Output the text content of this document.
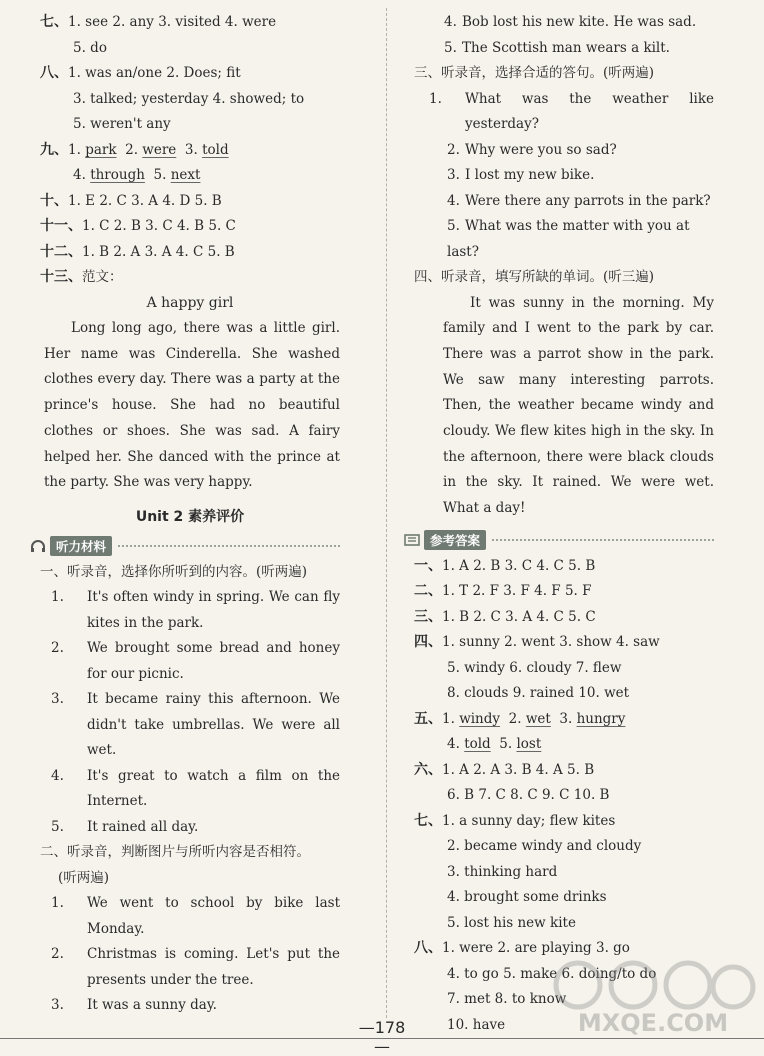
七、1. see 2. any 3. visited 4. were
5. do
八、1. was an/one 2. Does; fit
3. talked; yesterday 4. showed; to
5. weren't any
九、1. park 2. were 3. told
4. through 5. next
十、1. E 2. C 3. A 4. D 5. B
十一、1. C 2. B 3. C 4. B 5. C
十二、1. B 2. A 3. A 4. C 5. B
十三、范文：
A happy girl
Long long ago, there was a little girl. Her name was Cinderella. She washed clothes every day. There was a party at the prince's house. She had no beautiful clothes or shoes. She was sad. A fairy helped her. She danced with the prince at the party. She was very happy.
Unit 2 素养评价
听力材料
一、听录音，选择你所听到的内容。(听两遍)
1. It's often windy in spring. We can fly kites in the park.
2. We brought some bread and honey for our picnic.
3. It became rainy this afternoon. We didn't take umbrellas. We were all wet.
4. It's great to watch a film on the Internet.
5. It rained all day.
二、听录音，判断图片与所听内容是否相符。
(听两遍)
1. We went to school by bike last Monday.
2. Christmas is coming. Let's put the presents under the tree.
3. It was a sunny day.
4. Bob lost his new kite. He was sad.
5. The Scottish man wears a kilt.
三、听录音，选择合适的答句。(听两遍)
1. What was the weather like yesterday?
2. Why were you so sad?
3. I lost my new bike.
4. Were there any parrots in the park?
5. What was the matter with you at last?
四、听录音，填写所缺的单词。(听三遍)
It was sunny in the morning. My family and I went to the park by car. There was a parrot show in the park. We saw many interesting parrots. Then, the weather became windy and cloudy. We flew kites high in the sky. In the afternoon, there were black clouds in the sky. It rained. We were wet. What a day!
参考答案
一、1. A 2. B 3. C 4. C 5. B
二、1. T 2. F 3. F 4. F 5. F
三、1. B 2. C 3. A 4. C 5. C
四、1. sunny 2. went 3. show 4. saw
5. windy 6. cloudy 7. flew
8. clouds 9. rained 10. wet
五、1. windy 2. wet 3. hungry
4. told 5. lost
六、1. A 2. A 3. B 4. A 5. B
6. B 7. C 8. C 9. C 10. B
七、1. a sunny day; flew kites
2. became windy and cloudy
3. thinking hard
4. brought some drinks
5. lost his new kite
八、1. were 2. are playing 3. go
4. to go 5. make 6. doing/to do
7. met 8. to know
10. have
—178—
MXQE.COM
